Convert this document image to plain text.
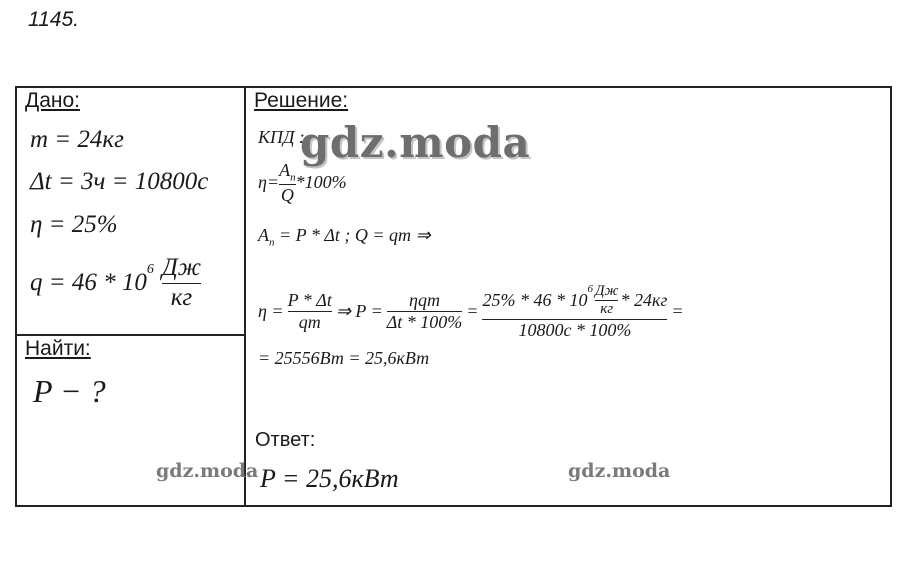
1145.
Дано:
m = 24кг
Δt = 3ч = 10800с
η = 25%
$q = 46 * 10^6 \frac{Дж}{кг}$
Найти:
P − ?
Решение:
КПД :
$\eta= \frac{A_п}{Q} *100\%$
$A_п = P * \Delta t$ ; Q = qm ⇒
$\eta = \frac{P * \Delta t}{qm}$ ⇒ $P = \frac{\text{ηqm}}{\Delta t * 100\%}$ =
25% * 46 * 10
$^6 \frac{Дж}{кг} * 24кг$
10800с * 100%
=
= 25556Вт = 25,6кВт
Ответ:
P = 25,6кВт
gdz.moda
gdz.moda	gdz.moda
